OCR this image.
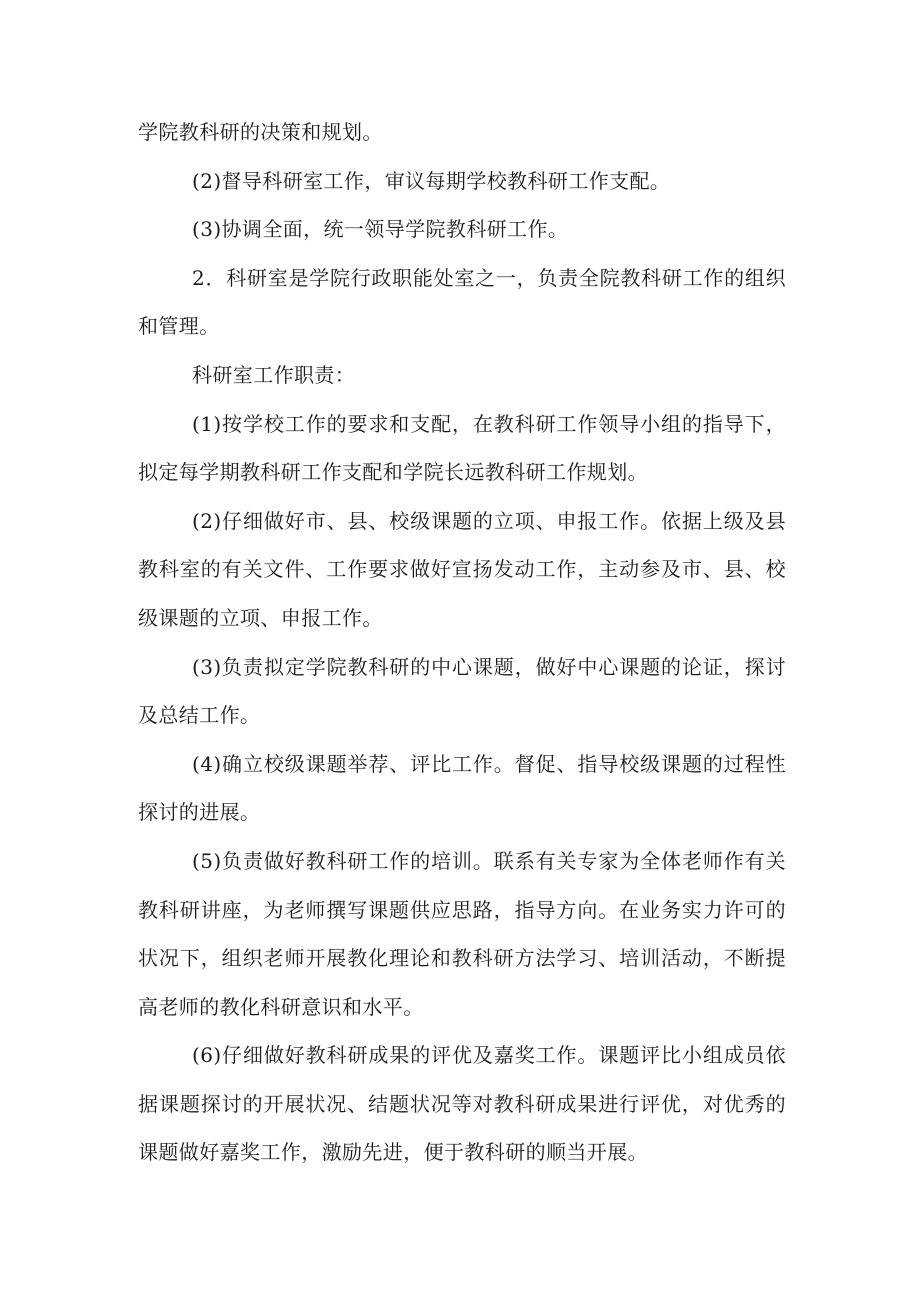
学院教科研的决策和规划。

(2)督导科研室工作，审议每期学校教科研工作支配。

(3)协调全面，统一领导学院教科研工作。

2．科研室是学院行政职能处室之一，负责全院教科研工作的组织和管理。

科研室工作职责：

(1)按学校工作的要求和支配，在教科研工作领导小组的指导下，拟定每学期教科研工作支配和学院长远教科研工作规划。

(2)仔细做好市、县、校级课题的立项、申报工作。依据上级及县教科室的有关文件、工作要求做好宣扬发动工作，主动参及市、县、校级课题的立项、申报工作。

(3)负责拟定学院教科研的中心课题，做好中心课题的论证，探讨及总结工作。

(4)确立校级课题举荐、评比工作。督促、指导校级课题的过程性探讨的进展。

(5)负责做好教科研工作的培训。联系有关专家为全体老师作有关教科研讲座，为老师撰写课题供应思路，指导方向。在业务实力许可的状况下，组织老师开展教化理论和教科研方法学习、培训活动，不断提高老师的教化科研意识和水平。

(6)仔细做好教科研成果的评优及嘉奖工作。课题评比小组成员依据课题探讨的开展状况、结题状况等对教科研成果进行评优，对优秀的课题做好嘉奖工作，激励先进，便于教科研的顺当开展。
